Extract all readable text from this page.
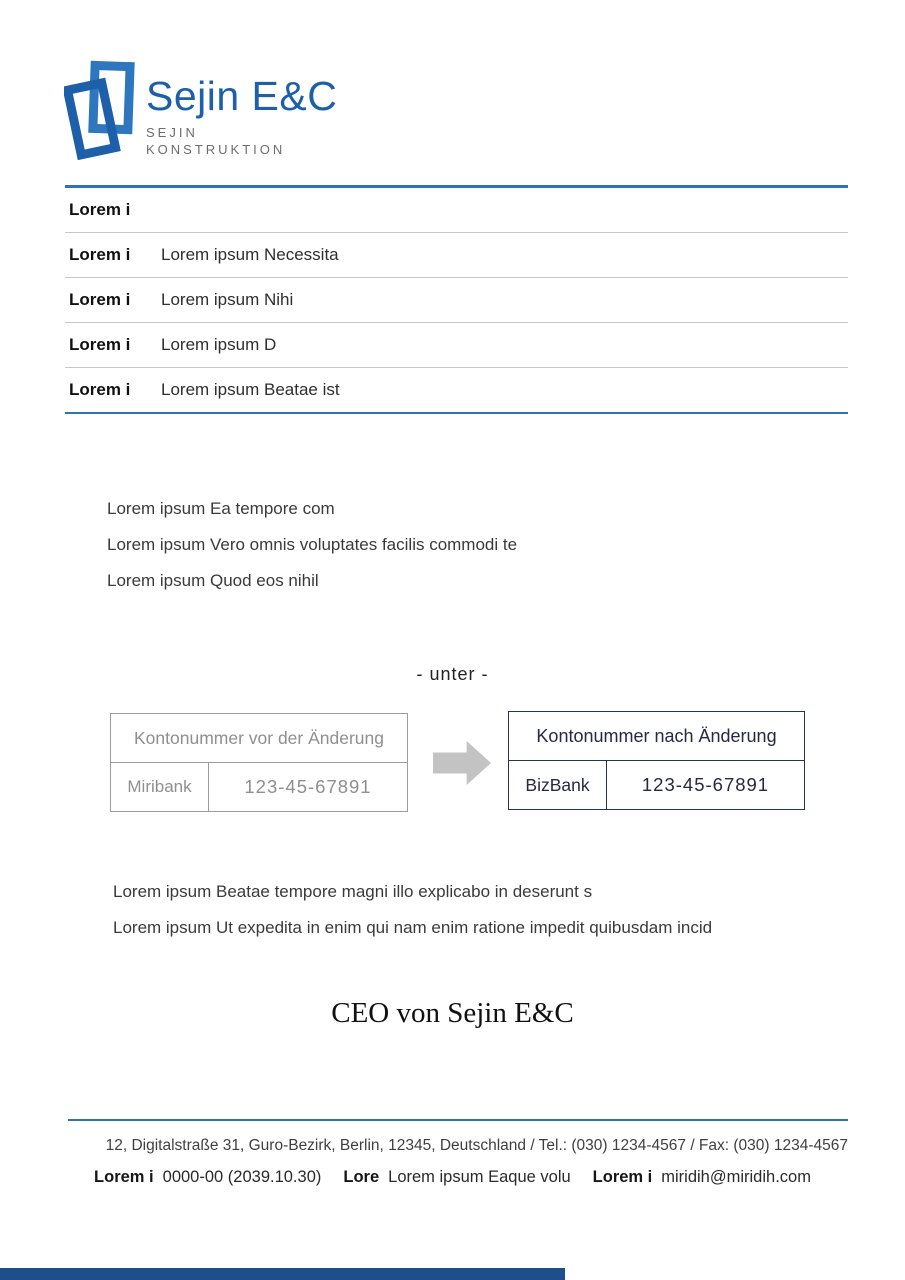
Sejin E&C
SEJIN
KONSTRUKTION
Lorem i
Lorem i	Lorem ipsum Necessita
Lorem i	Lorem ipsum Nihi
Lorem i	Lorem ipsum D
Lorem i	Lorem ipsum Beatae ist
Lorem ipsum Ea tempore com
Lorem ipsum Vero omnis voluptates facilis commodi te
Lorem ipsum Quod eos nihil
- unter -
Kontonummer vor der Änderung
Miribank	123-45-67891
Kontonummer nach Änderung
BizBank	123-45-67891
Lorem ipsum Beatae tempore magni illo explicabo in deserunt s
Lorem ipsum Ut expedita in enim qui nam enim ratione impedit quibusdam incid
CEO von Sejin E&C
12, Digitalstraße 31, Guro-Bezirk, Berlin, 12345, Deutschland / Tel.: (030) 1234-4567 / Fax: (030) 1234-4567
Lorem i 0000-00 (2039.10.30) Lore Lorem ipsum Eaque volu Lorem i miridih@miridih.com
